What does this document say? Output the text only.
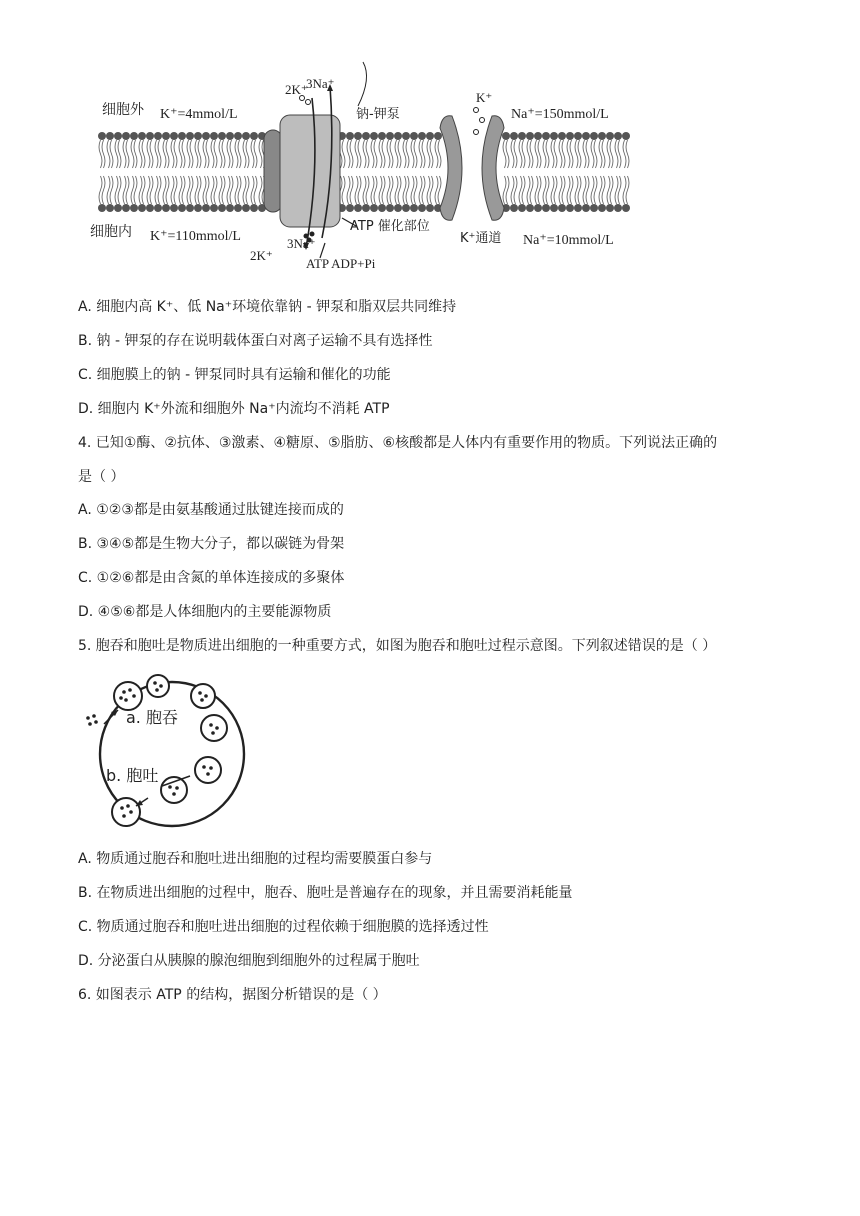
细胞外 K⁺=4mmol/L
细胞内 K⁺=110mmol/L
2K⁺
3Na⁺
钠-钾泵
ATP 催化部位
2K⁺
3Na⁺
ATP ADP+Pi
K⁺
Na⁺=150mmol/L
K⁺通道 Na⁺=10mmol/L
A. 细胞内高 K⁺、低 Na⁺环境依靠钠 - 钾泵和脂双层共同维持
B. 钠 - 钾泵的存在说明载体蛋白对离子运输不具有选择性
C. 细胞膜上的钠 - 钾泵同时具有运输和催化的功能
D. 细胞内 K⁺外流和细胞外 Na⁺内流均不消耗 ATP
4. 已知①酶、②抗体、③激素、④糖原、⑤脂肪、⑥核酸都是人体内有重要作用的物质。下列说法正确的
是（ ）
A. ①②③都是由氨基酸通过肽键连接而成的
B. ③④⑤都是生物大分子，都以碳链为骨架
C. ①②⑥都是由含氮的单体连接成的多聚体
D. ④⑤⑥都是人体细胞内的主要能源物质
5. 胞吞和胞吐是物质进出细胞的一种重要方式，如图为胞吞和胞吐过程示意图。下列叙述错误的是（ ）
a. 胞吞
b. 胞吐
A. 物质通过胞吞和胞吐进出细胞的过程均需要膜蛋白参与
B. 在物质进出细胞的过程中，胞吞、胞吐是普遍存在的现象，并且需要消耗能量
C. 物质通过胞吞和胞吐进出细胞的过程依赖于细胞膜的选择透过性
D. 分泌蛋白从胰腺的腺泡细胞到细胞外的过程属于胞吐
6. 如图表示 ATP 的结构，据图分析错误的是（ ）
